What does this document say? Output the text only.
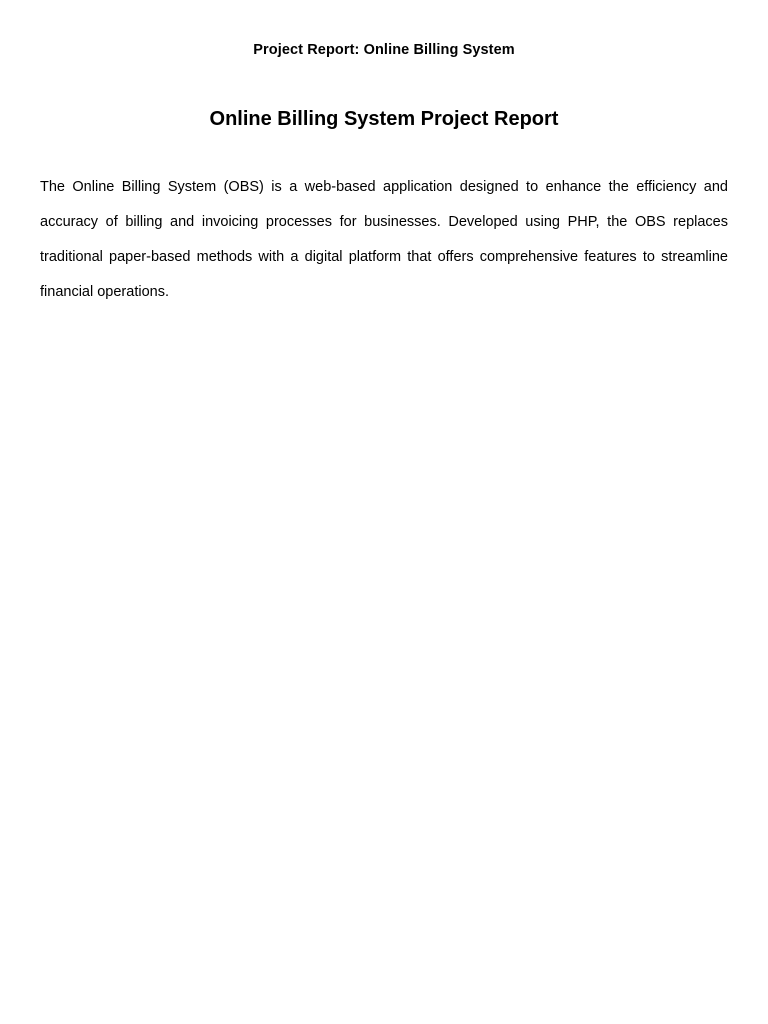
Project Report: Online Billing System
Online Billing System Project Report

The Online Billing System (OBS) is a web-based application designed to enhance the efficiency and accuracy of billing and invoicing processes for businesses. Developed using PHP, the OBS replaces traditional paper-based methods with a digital platform that offers comprehensive features to streamline financial operations.
